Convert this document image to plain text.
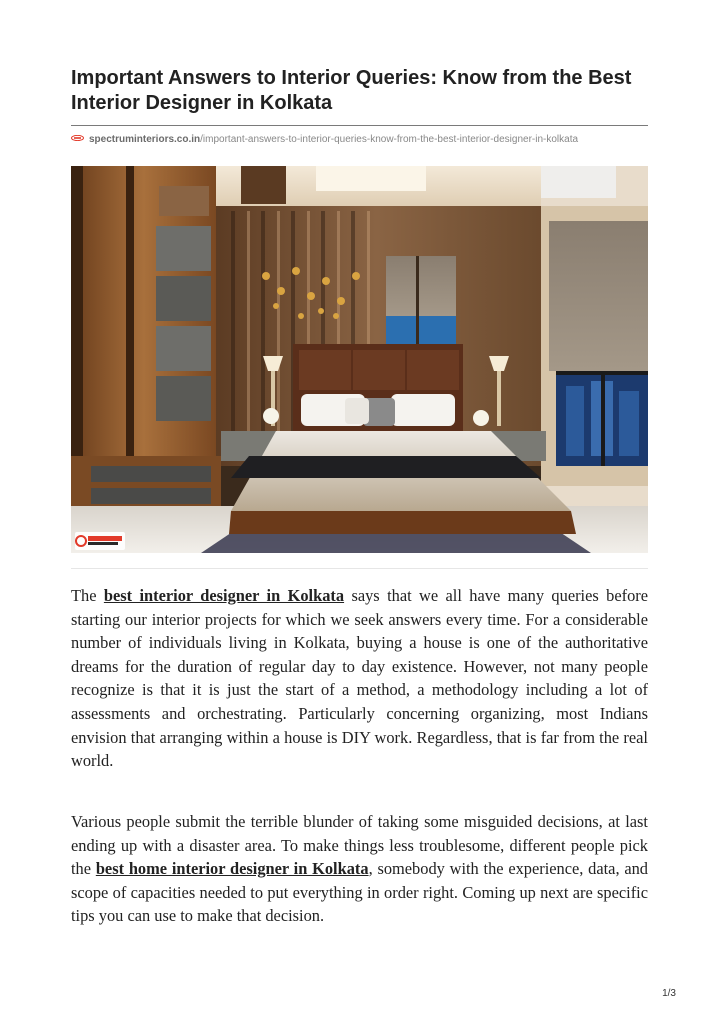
Important Answers to Interior Queries: Know from the Best Interior Designer in Kolkata
spectruminteriors.co.in/important-answers-to-interior-queries-know-from-the-best-interior-designer-in-kolkata

The best interior designer in Kolkata says that we all have many queries before starting our interior projects for which we seek answers every time. For a considerable number of individuals living in Kolkata, buying a house is one of the authoritative dreams for the duration of regular day to day existence. However, not many people recognize is that it is just the start of a method, a methodology including a lot of assessments and orchestrating. Particularly concerning organizing, most Indians envision that arranging within a house is DIY work. Regardless, that is far from the real world.

Various people submit the terrible blunder of taking some misguided decisions, at last ending up with a disaster area. To make things less troublesome, different people pick the best home interior designer in Kolkata, somebody with the experience, data, and scope of capacities needed to put everything in order right. Coming up next are specific tips you can use to make that decision.

1/3
